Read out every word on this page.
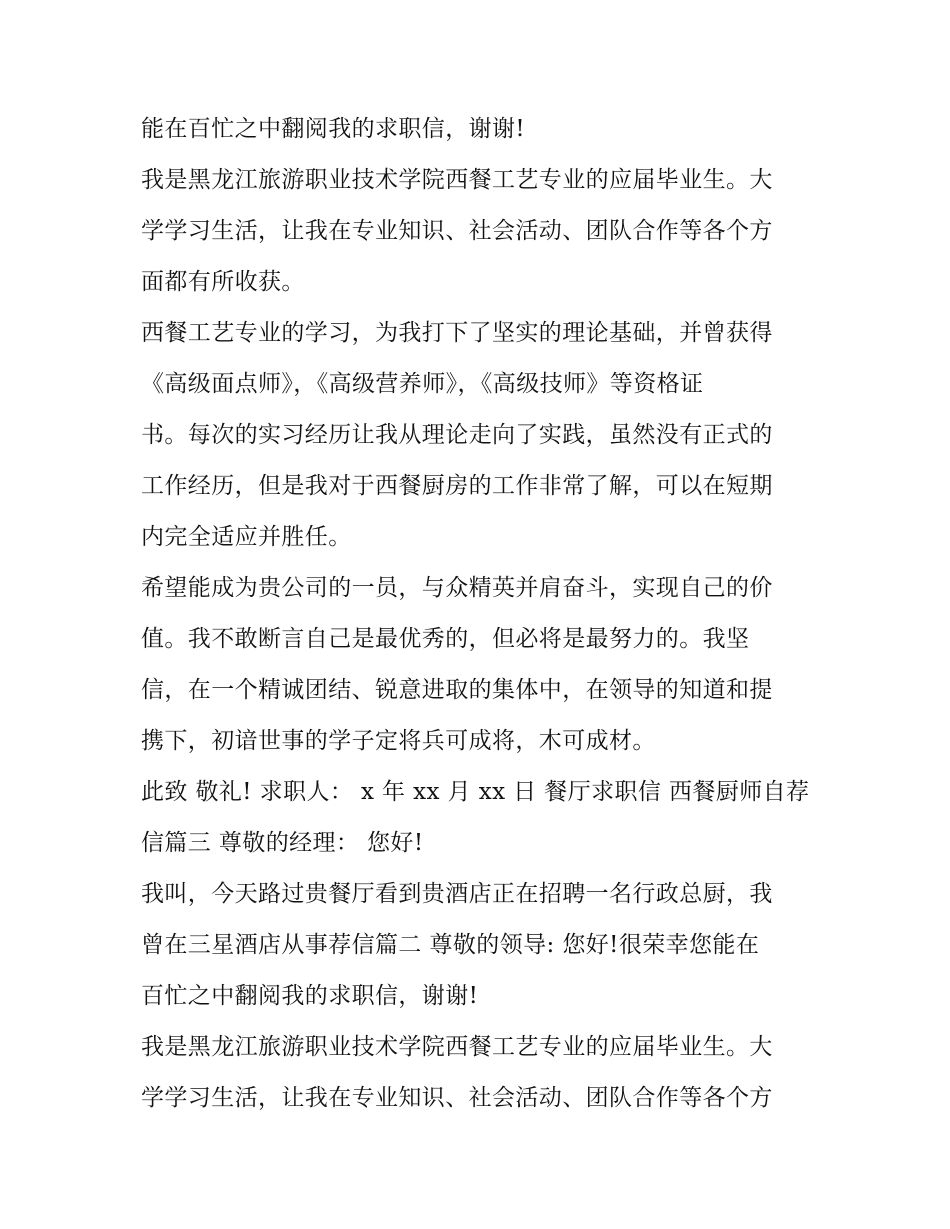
能在百忙之中翻阅我的求职信，谢谢!
我是黑龙江旅游职业技术学院西餐工艺专业的应届毕业生。大
学学习生活，让我在专业知识、社会活动、团队合作等各个方
面都有所收获。
西餐工艺专业的学习，为我打下了坚实的理论基础，并曾获得
《高级面点师》，《高级营养师》，《高级技师》等资格证
书。每次的实习经历让我从理论走向了实践，虽然没有正式的
工作经历，但是我对于西餐厨房的工作非常了解，可以在短期
内完全适应并胜任。
希望能成为贵公司的一员，与众精英并肩奋斗，实现自己的价
值。我不敢断言自己是最优秀的，但必将是最努力的。我坚
信，在一个精诚团结、锐意进取的集体中，在领导的知道和提
携下，初谙世事的学子定将兵可成将，木可成材。
此致 敬礼! 求职人： x 年 xx 月 xx 日 餐厅求职信 西餐厨师自荐
信篇三 尊敬的经理： 您好!
我叫，今天路过贵餐厅看到贵酒店正在招聘一名行政总厨，我
曾在三星酒店从事荐信篇二 尊敬的领导: 您好!很荣幸您能在
百忙之中翻阅我的求职信，谢谢!
我是黑龙江旅游职业技术学院西餐工艺专业的应届毕业生。大
学学习生活，让我在专业知识、社会活动、团队合作等各个方
